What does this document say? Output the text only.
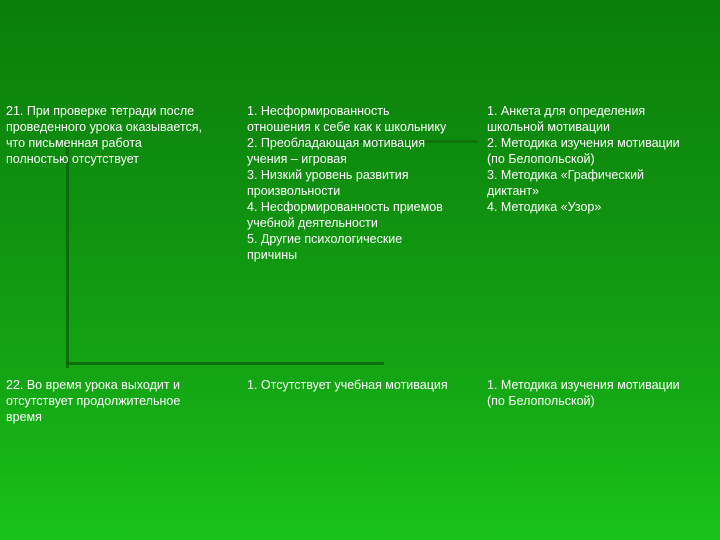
21. При проверке тетради после
проведенного урока оказывается,
что письменная работа
полностью отсутствует
1. Несформированность
отношения к себе как к школьнику
2. Преобладающая мотивация
учения – игровая
3. Низкий уровень развития
произвольности
4. Несформированность приемов
учебной деятельности
5. Другие психологические
причины
1. Анкета для определения
школьной мотивации
2. Методика изучения мотивации
(по Белопольской)
3. Методика «Графический
диктант»
4. Методика «Узор»
22. Во время урока выходит и
отсутствует продолжительное
время
1. Отсутствует учебная мотивация	1. Методика изучения мотивации
(по Белопольской)
